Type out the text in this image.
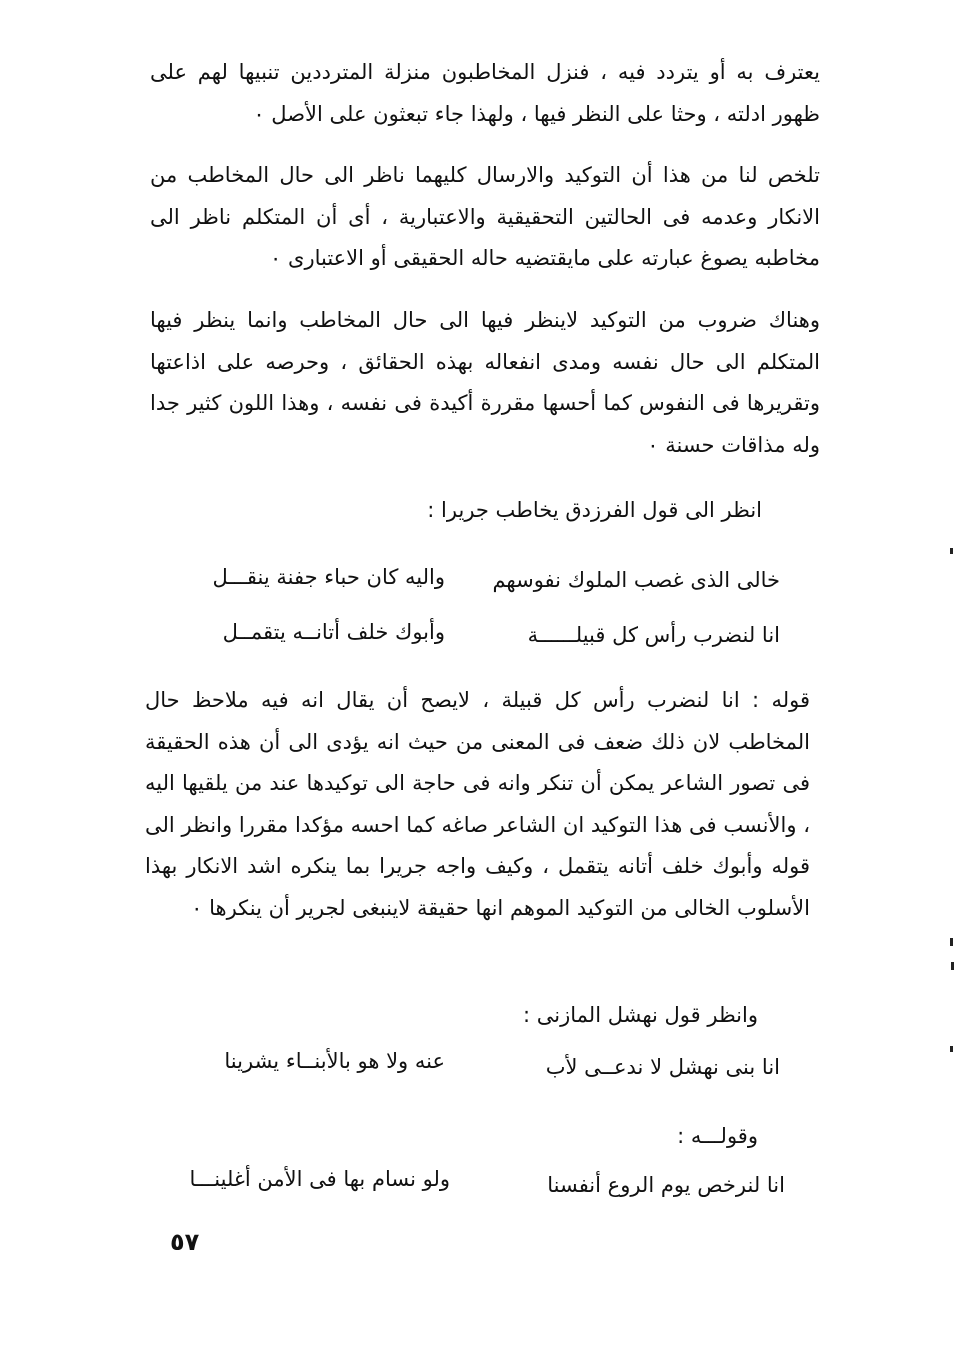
يعترف به أو يتردد فيه ، فنزل المخاطبون منزلة المترددين تنبيها لهم على ظهور ادلته ، وحثا على النظر فيها ، ولهذا جاء تبعثون على الأصل ٠
تلخص لنا من هذا أن التوكيد والارسال كليهما ناظر الى حال المخاطب من الانكار وعدمه فى الحالتين التحقيقية والاعتبارية ، أى أن المتكلم ناظر الى مخاطبه يصوغ عبارته على مايقتضيه حاله الحقيقى أو الاعتبارى ٠
وهناك ضروب من التوكيد لاينظر فيها الى حال المخاطب وانما ينظر فيها المتكلم الى حال نفسه ومدى انفعاله بهذه الحقائق ، وحرصه على اذاعتها وتقريرها فى النفوس كما أحسها مقررة أكيدة فى نفسه ، وهذا اللون كثير جدا وله مذاقات حسنة ٠
انظر الى قول الفرزدق يخاطب جريرا :
خالى الذى غصب الملوك نفوسهم
واليه كان حباء جفنة ينقـــل
انا لنضرب رأس كل قبيلــــــة
وأبوك خلف أتانــه يتقمــل
قوله : انا لنضرب رأس كل قبيلة ، لايصح أن يقال انه فيه ملاحظ حال المخاطب لان ذلك ضعف فى المعنى من حيث انه يؤدى الى أن هذه الحقيقة فى تصور الشاعر يمكن أن تنكر وانه فى حاجة الى توكيدها عند من يلقيها اليه ، والأنسب فى هذا التوكيد ان الشاعر صاغه كما احسه مؤكدا مقررا وانظر الى قوله وأبوك خلف أتانه يتقمل ، وكيف واجه جريرا بما ينكره اشد الانكار بهذا الأسلوب الخالى من التوكيد الموهم انها حقيقة لاينبغى لجرير أن ينكرها ٠
وانظر قول نهشل المازنى :
انا بنى نهشل لا ندعــى لأب
عنه ولا هو بالأبنــاء يشرينا
وقولـــه :
انا لنرخص يوم الروع أنفسنا
ولو نسام بها فى الأمن أغلينـــا
٥٧
